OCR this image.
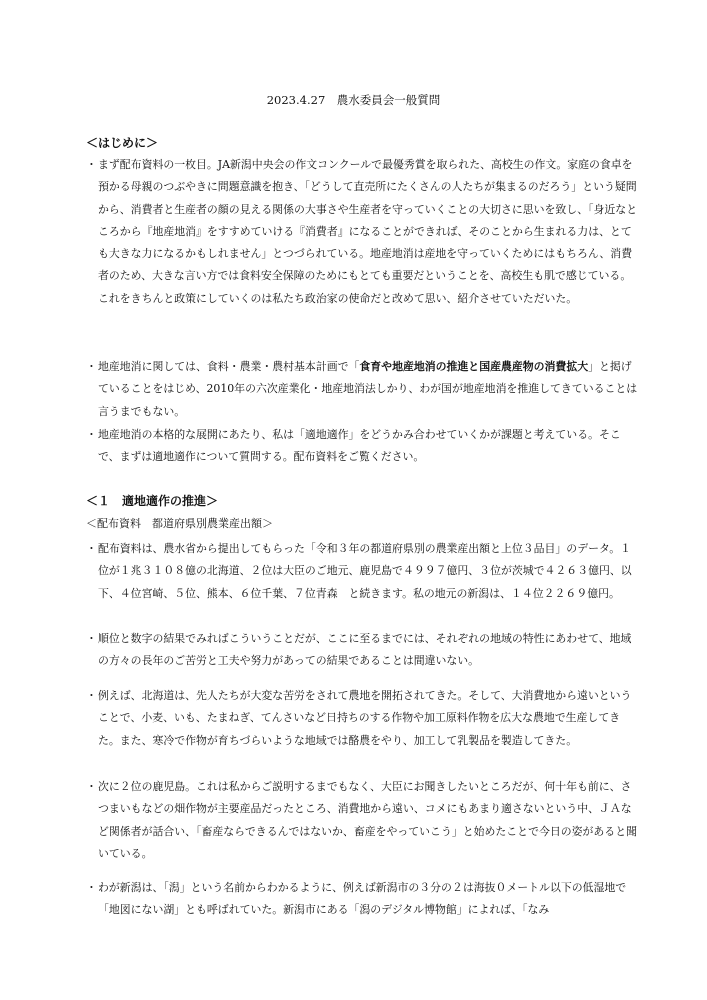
2023.4.27　農水委員会一般質問
＜はじめに＞
・ まず配布資料の一枚目。JA新潟中央会の作文コンクールで最優秀賞を取られた、高校生の作文。家庭の食卓を預かる母親のつぶやきに問題意識を抱き、「どうして直売所にたくさんの人たちが集まるのだろう」という疑問から、消費者と生産者の顔の見える関係の大事さや生産者を守っていくことの大切さに思いを致し、「身近なところから『地産地消』をすすめていける『消費者』になることができれば、そのことから生まれる力は、とても大きな力になるかもしれません」とつづられている。地産地消は産地を守っていくためにはもちろん、消費者のため、大きな言い方では食料安全保障のためにもとても重要だということを、高校生も肌で感じている。これをきちんと政策にしていくのは私たち政治家の使命だと改めて思い、紹介させていただいた。
・ 地産地消に関しては、食料・農業・農村基本計画で「食育や地産地消の推進と国産農産物の消費拡大」と掲げていることをはじめ、2010年の六次産業化・地産地消法しかり、わが国が地産地消を推進してきていることは言うまでもない。
・ 地産地消の本格的な展開にあたり、私は「適地適作」をどうかみ合わせていくかが課題と考えている。そこで、まずは適地適作について質問する。配布資料をご覧ください。
＜１　適地適作の推進＞
＜配布資料　都道府県別農業産出額＞
・ 配布資料は、農水省から提出してもらった「令和３年の都道府県別の農業産出額と上位３品目」のデータ。１位が１兆３１０８億の北海道、２位は大臣のご地元、鹿児島で４９９７億円、３位が茨城で４２６３億円、以下、４位宮崎、５位、熊本、６位千葉、７位青森　と続きます。私の地元の新潟は、１４位２２６９億円。
・ 順位と数字の結果でみればこういうことだが、ここに至るまでには、それぞれの地域の特性にあわせて、地域の方々の長年のご苦労と工夫や努力があっての結果であることは間違いない。
・ 例えば、北海道は、先人たちが大変な苦労をされて農地を開拓されてきた。そして、大消費地から遠いということで、小麦、いも、たまねぎ、てんさいなど日持ちのする作物や加工原料作物を広大な農地で生産してきた。また、寒冷で作物が育ちづらいような地域では酪農をやり、加工して乳製品を製造してきた。
・ 次に２位の鹿児島。これは私からご説明するまでもなく、大臣にお聞きしたいところだが、何十年も前に、さつまいもなどの畑作物が主要産品だったところ、消費地から遠い、コメにもあまり適さないという中、ＪＡなど関係者が話合い、「畜産ならできるんではないか、畜産をやっていこう」と始めたことで今日の姿があると聞いている。
・ わが新潟は、「潟」という名前からわかるように、例えば新潟市の３分の２は海抜０メートル以下の低湿地で「地図にない湖」とも呼ばれていた。新潟市にある「潟のデジタル博物館」によれば、「なみ
